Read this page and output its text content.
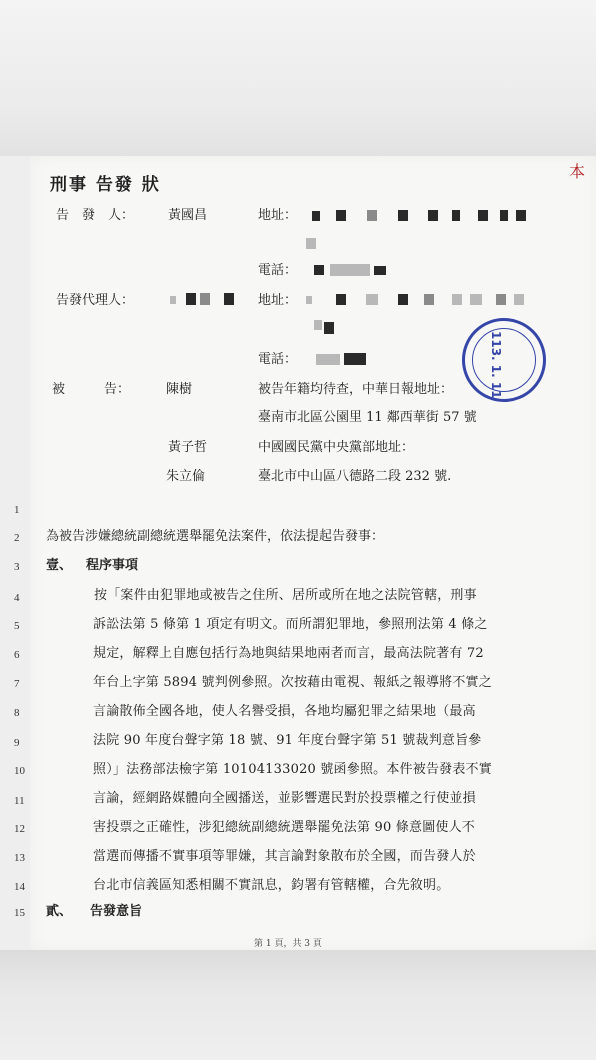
刑事 告發 狀
本
告　發　人：	黃國昌	地址：
電話：
告發代理人：	地址：
電話：
被　　　告：	陳樹	被告年籍均待查，中華日報地址：
臺南市北區公園里 11 鄰西華街 57 號
黃子哲	中國國民黨中央黨部地址：
朱立倫	臺北市中山區八德路二段 232 號.
113. 1. 11
1
2
3
4
5
6
7
8
9
10
11
12
13
14
15
為被告涉嫌總統副總統選舉罷免法案件，依法提起告發事：
壹、 程序事項
按「案件由犯罪地或被告之住所、居所或所在地之法院管轄，刑事
訴訟法第 5 條第 1 項定有明文。而所謂犯罪地，參照刑法第 4 條之
規定，解釋上自應包括行為地與結果地兩者而言，最高法院著有 72
年台上字第 5894 號判例參照。次按藉由電視、報紙之報導將不實之
言論散佈全國各地，使人名譽受損，各地均屬犯罪之結果地（最高
法院 90 年度台聲字第 18 號、91 年度台聲字第 51 號裁判意旨參
照）」法務部法檢字第 10104133020 號函參照。本件被告發表不實
言論，經網路媒體向全國播送，並影響選民對於投票權之行使並損
害投票之正確性，涉犯總統副總統選舉罷免法第 90 條意圖使人不
當選而傳播不實事項等罪嫌，其言論對象散布於全國，而告發人於
台北市信義區知悉相關不實訊息，鈞署有管轄權，合先敘明。
貳、 告發意旨
第 1 頁，共 3 頁
